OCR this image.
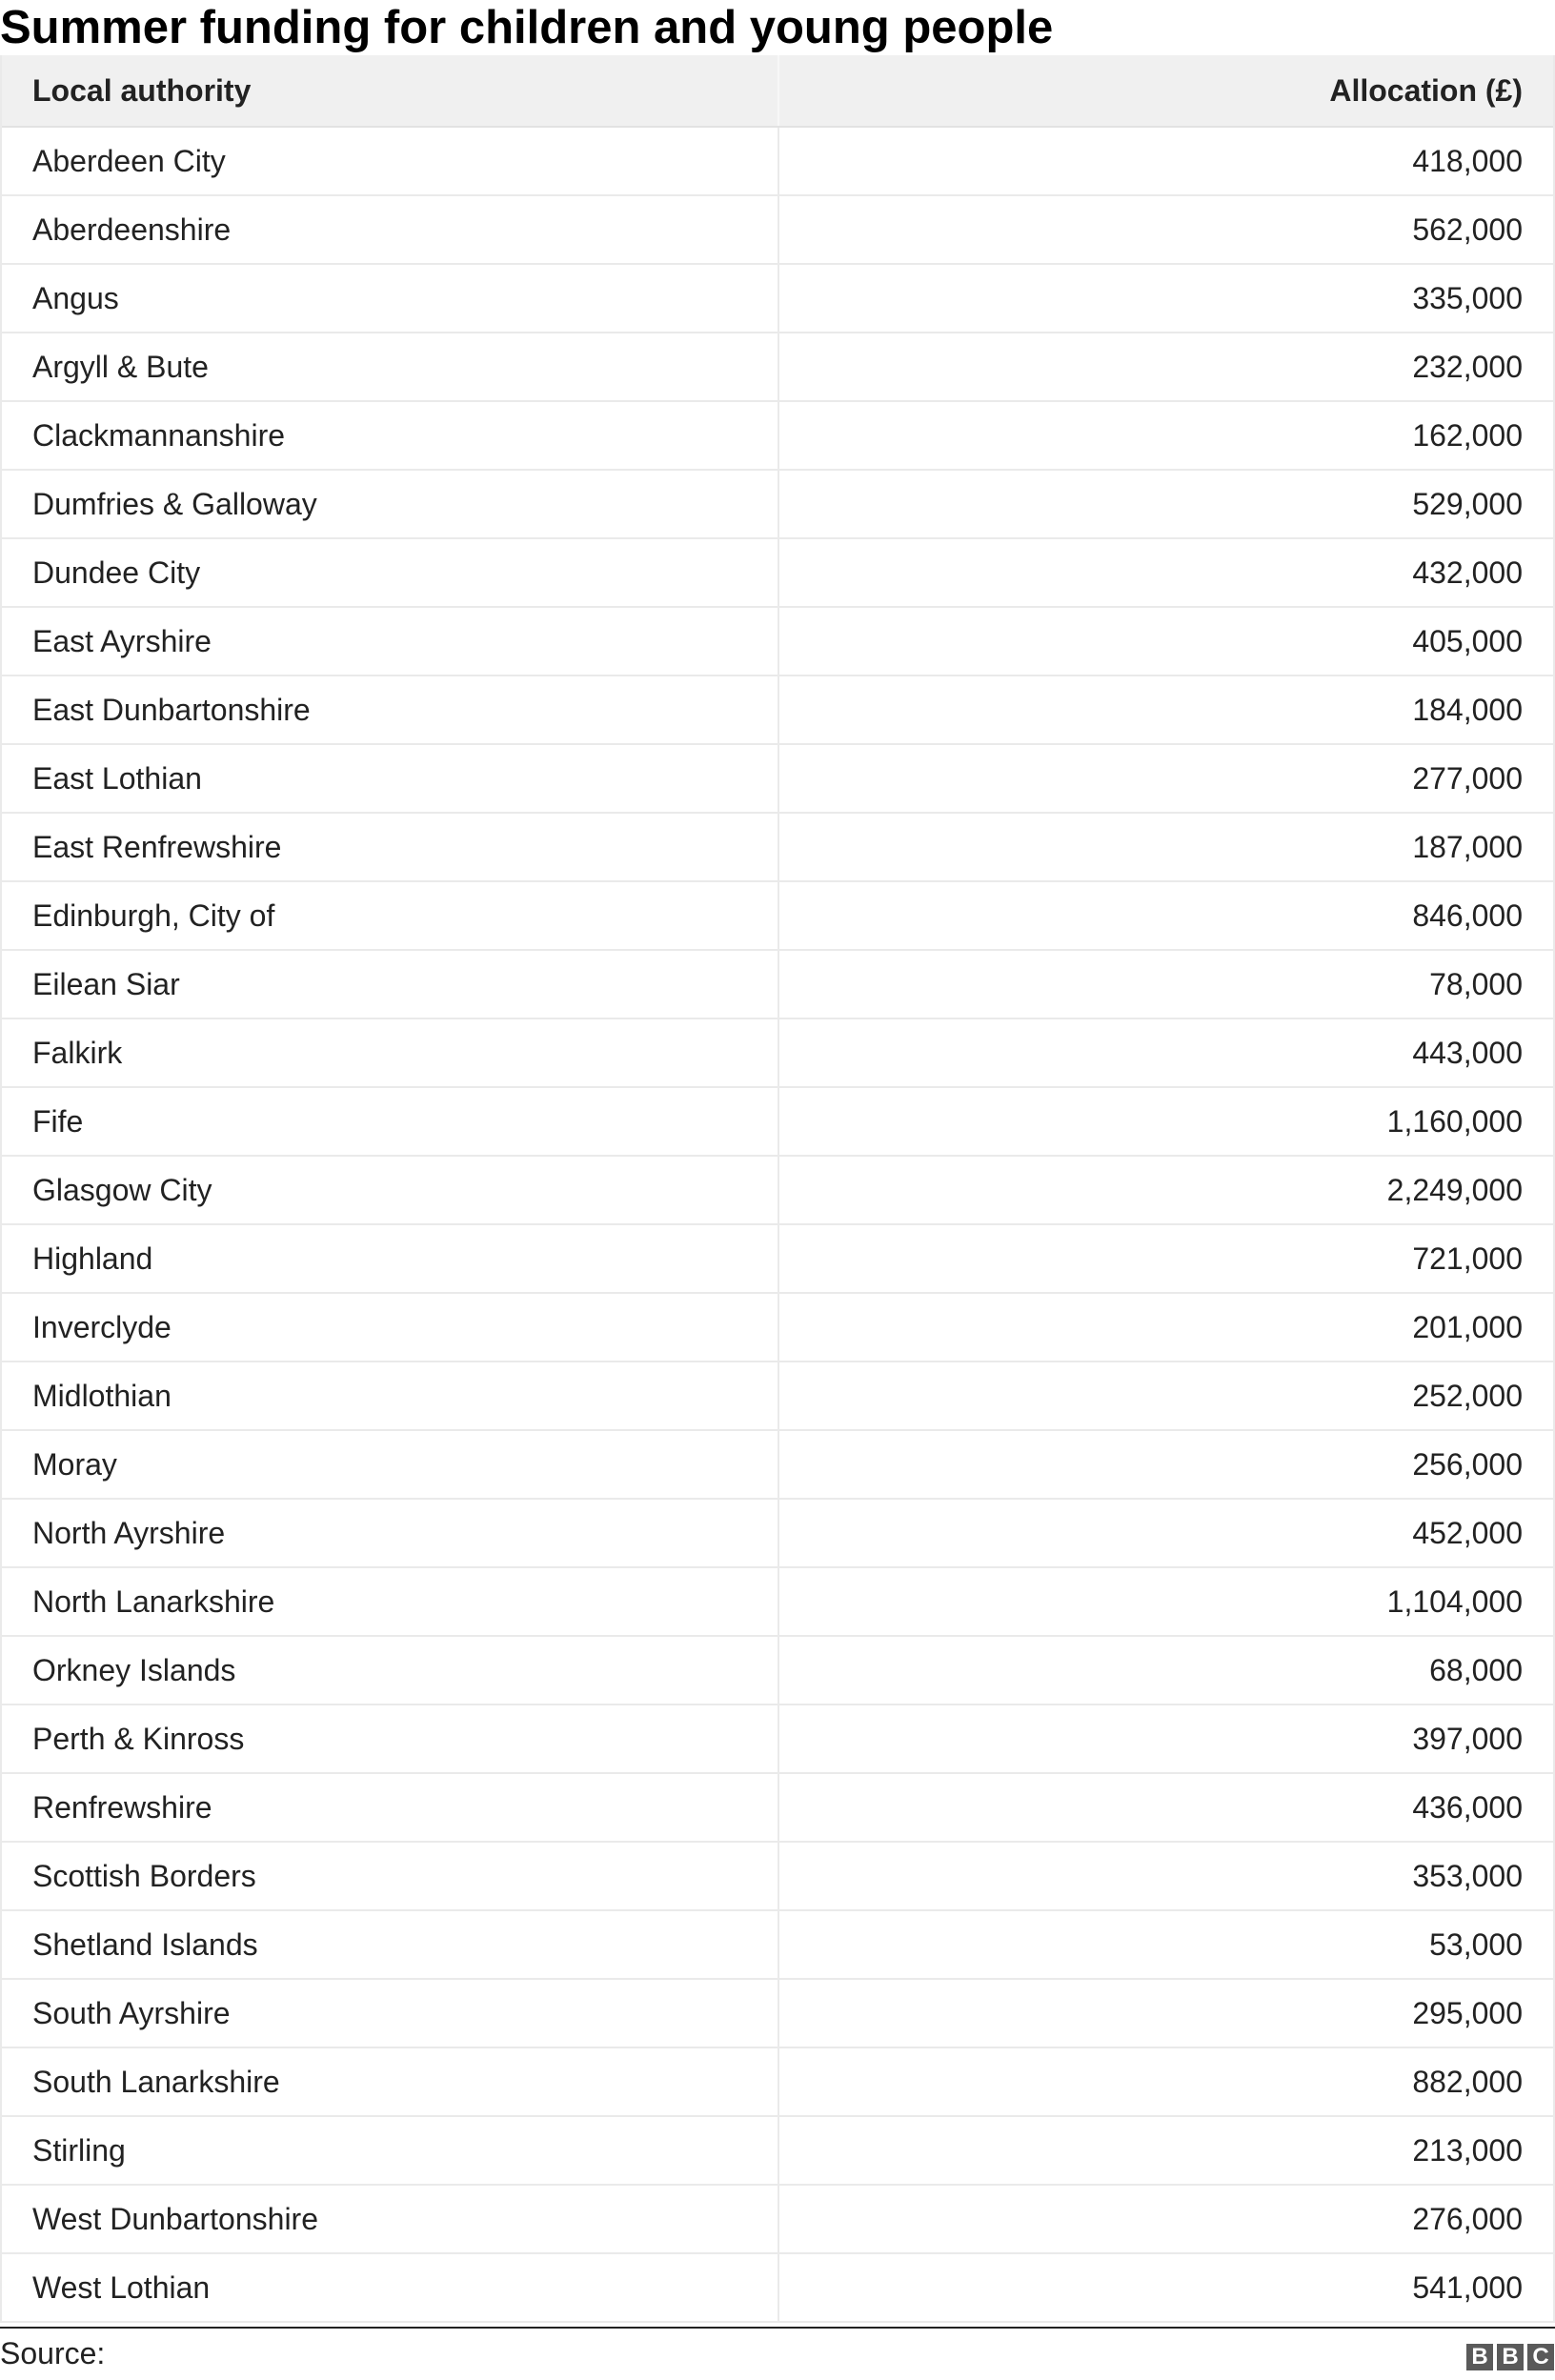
Summer funding for children and young people
Local authority	Allocation (£)
Aberdeen City	418,000
Aberdeenshire	562,000
Angus	335,000
Argyll & Bute	232,000
Clackmannanshire	162,000
Dumfries & Galloway	529,000
Dundee City	432,000
East Ayrshire	405,000
East Dunbartonshire	184,000
East Lothian	277,000
East Renfrewshire	187,000
Edinburgh, City of	846,000
Eilean Siar	78,000
Falkirk	443,000
Fife	1,160,000
Glasgow City	2,249,000
Highland	721,000
Inverclyde	201,000
Midlothian	252,000
Moray	256,000
North Ayrshire	452,000
North Lanarkshire	1,104,000
Orkney Islands	68,000
Perth & Kinross	397,000
Renfrewshire	436,000
Scottish Borders	353,000
Shetland Islands	53,000
South Ayrshire	295,000
South Lanarkshire	882,000
Stirling	213,000
West Dunbartonshire	276,000
West Lothian	541,000
Source:	B B C
